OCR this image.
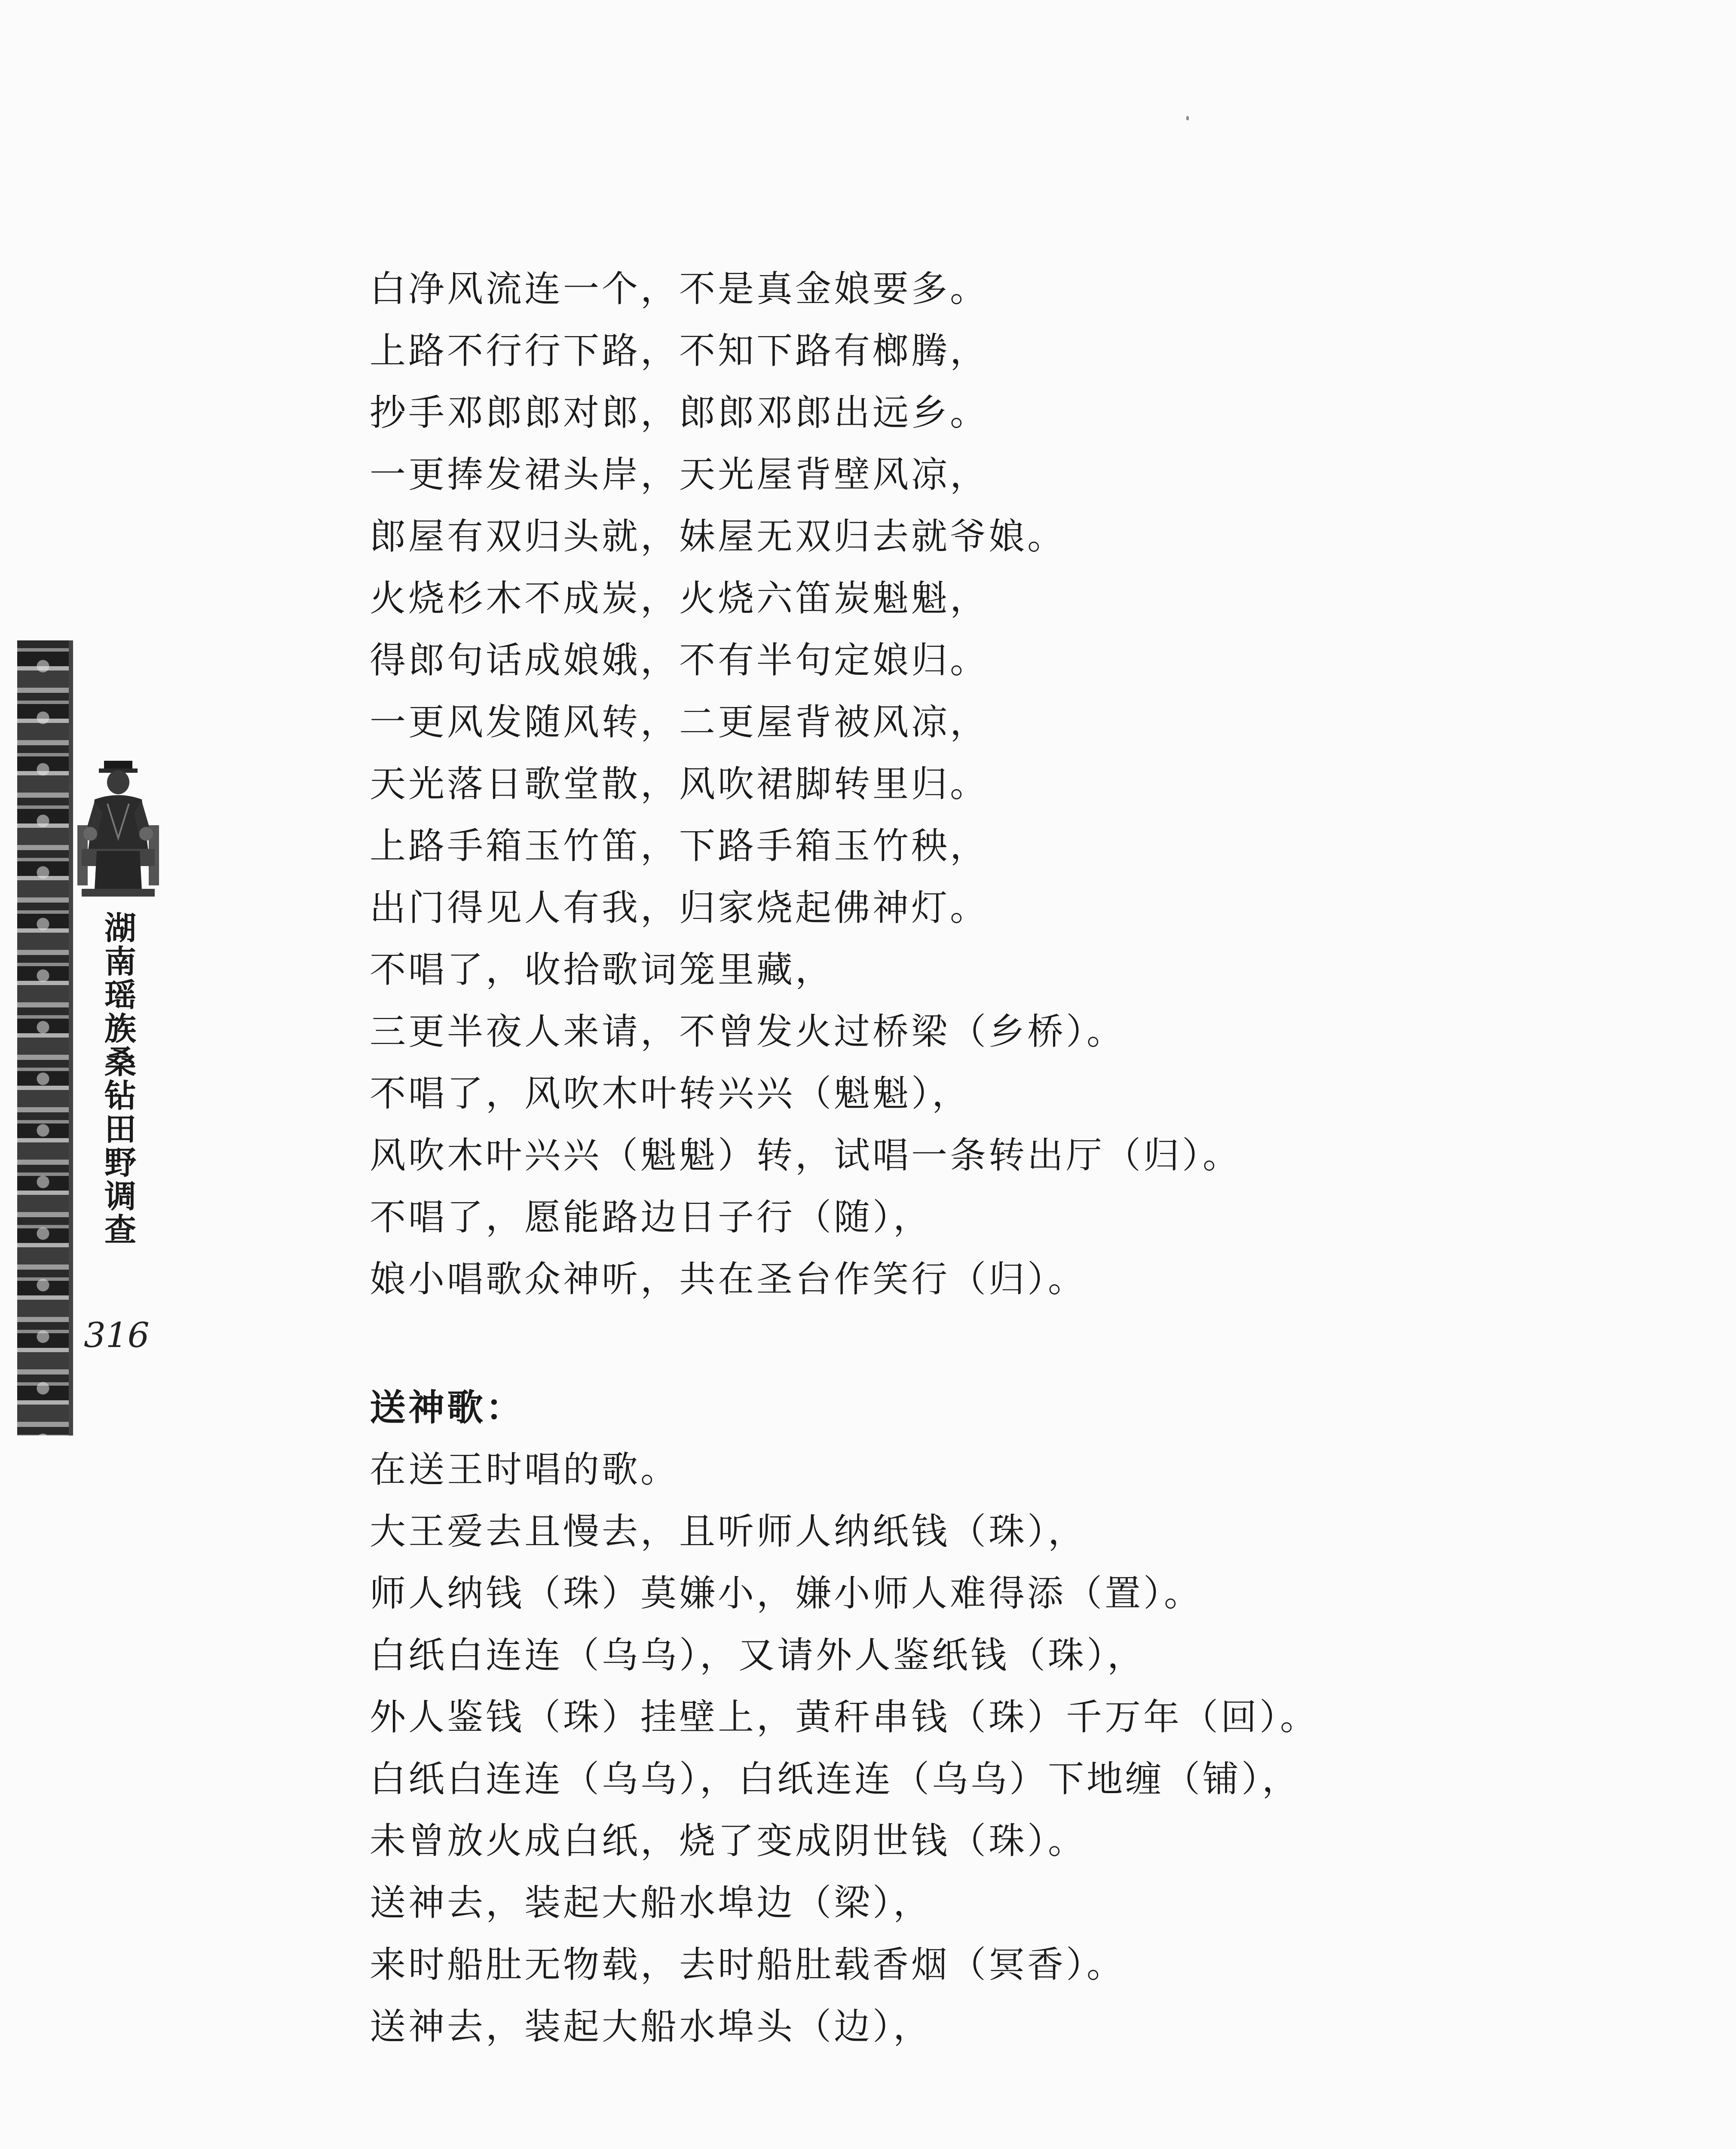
湖南瑶族桑钻田野调查
316
白净风流连一个，不是真金娘要多。
上路不行行下路，不知下路有榔腾，
抄手邓郎郎对郎，郎郎邓郎出远乡。
一更捧发裙头岸，天光屋背壁风凉，
郎屋有双归头就，妹屋无双归去就爷娘。
火烧杉木不成炭，火烧六笛炭魁魁，
得郎句话成娘娥，不有半句定娘归。
一更风发随风转，二更屋背被风凉，
天光落日歌堂散，风吹裙脚转里归。
上路手箱玉竹笛，下路手箱玉竹秧，
出门得见人有我，归家烧起佛神灯。
不唱了，收拾歌词笼里藏，
三更半夜人来请，不曾发火过桥梁（乡桥）。
不唱了，风吹木叶转兴兴（魁魁），
风吹木叶兴兴（魁魁）转，试唱一条转出厅（归）。
不唱了，愿能路边日子行（随），
娘小唱歌众神听，共在圣台作笑行（归）。
送神歌：
在送王时唱的歌。
大王爱去且慢去，且听师人纳纸钱（珠），
师人纳钱（珠）莫嫌小，嫌小师人难得添（置）。
白纸白连连（乌乌），又请外人鉴纸钱（珠），
外人鉴钱（珠）挂壁上，黄秆串钱（珠）千万年（回）。
白纸白连连（乌乌），白纸连连（乌乌）下地缠（铺），
未曾放火成白纸，烧了变成阴世钱（珠）。
送神去，装起大船水埠边（梁），
来时船肚无物载，去时船肚载香烟（冥香）。
送神去，装起大船水埠头（边），
